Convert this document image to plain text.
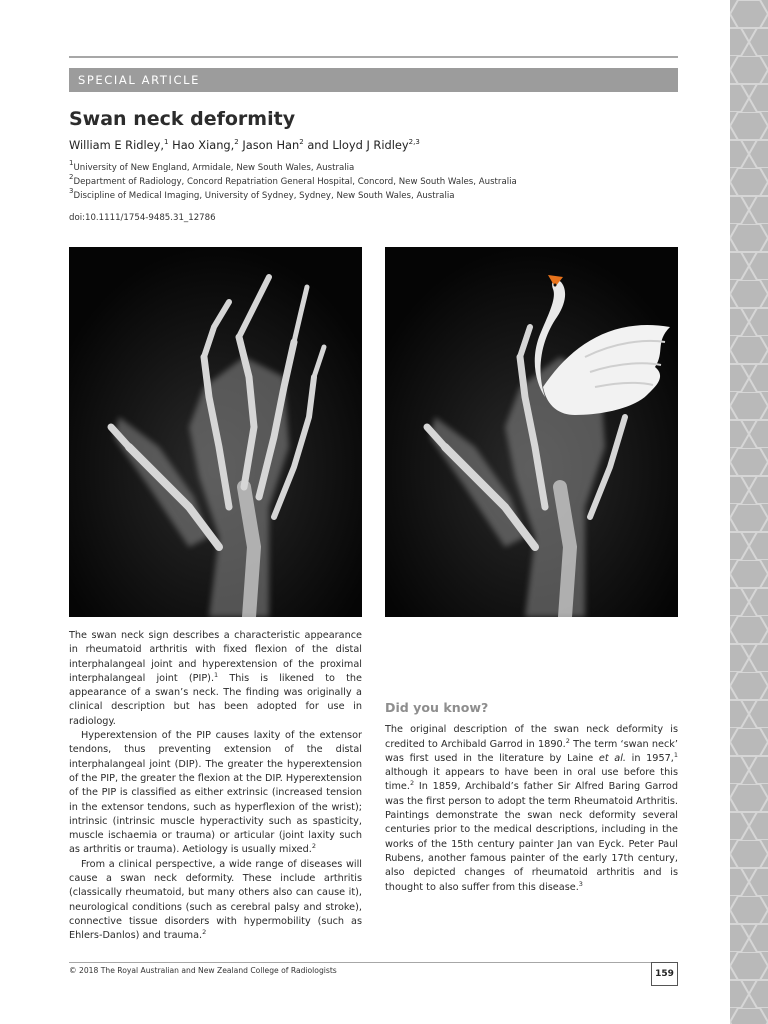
SPECIAL ARTICLE
Swan neck deformity
William E Ridley,$^1$ Hao Xiang,$^2$ Jason Han$^2$ and Lloyd J Ridley$^{2,3}$
$^1$University of New England, Armidale, New South Wales, Australia
$^2$Department of Radiology, Concord Repatriation General Hospital, Concord, New South Wales, Australia
$^3$Discipline of Medical Imaging, University of Sydney, Sydney, New South Wales, Australia
doi:10.1111/1754-9485.31_12786

The swan neck sign describes a characteristic appearance in rheumatoid arthritis with fixed flexion of the distal interphalangeal joint and hyperextension of the proximal interphalangeal joint (PIP).$^1$ This is likened to the appearance of a swan’s neck. The finding was originally a clinical description but has been adopted for use in radiology.

Hyperextension of the PIP causes laxity of the extensor tendons, thus preventing extension of the distal interphalangeal joint (DIP). The greater the hyperextension of the PIP, the greater the flexion at the DIP. Hyperextension of the PIP is classified as either extrinsic (increased tension in the extensor tendons, such as hyperflexion of the wrist); intrinsic (intrinsic muscle hyperactivity such as spasticity, muscle ischaemia or trauma) or articular (joint laxity such as arthritis or trauma). Aetiology is usually mixed.$^2$

From a clinical perspective, a wide range of diseases will cause a swan neck deformity. These include arthritis (classically rheumatoid, but many others also can cause it), neurological conditions (such as cerebral palsy and stroke), connective tissue disorders with hypermobility (such as Ehlers-Danlos) and trauma.$^2$

Did you know?

The original description of the swan neck deformity is credited to Archibald Garrod in 1890.$^2$ The term ‘swan neck’ was first used in the literature by Laine et al. in 1957,$^1$ although it appears to have been in oral use before this time.$^2$ In 1859, Archibald’s father Sir Alfred Baring Garrod was the first person to adopt the term Rheumatoid Arthritis. Paintings demonstrate the swan neck deformity several centuries prior to the medical descriptions, including in the works of the 15th century painter Jan van Eyck. Peter Paul Rubens, another famous painter of the early 17th century, also depicted changes of rheumatoid arthritis and is thought to also suffer from this disease.$^3$

© 2018 The Royal Australian and New Zealand College of Radiologists	159
